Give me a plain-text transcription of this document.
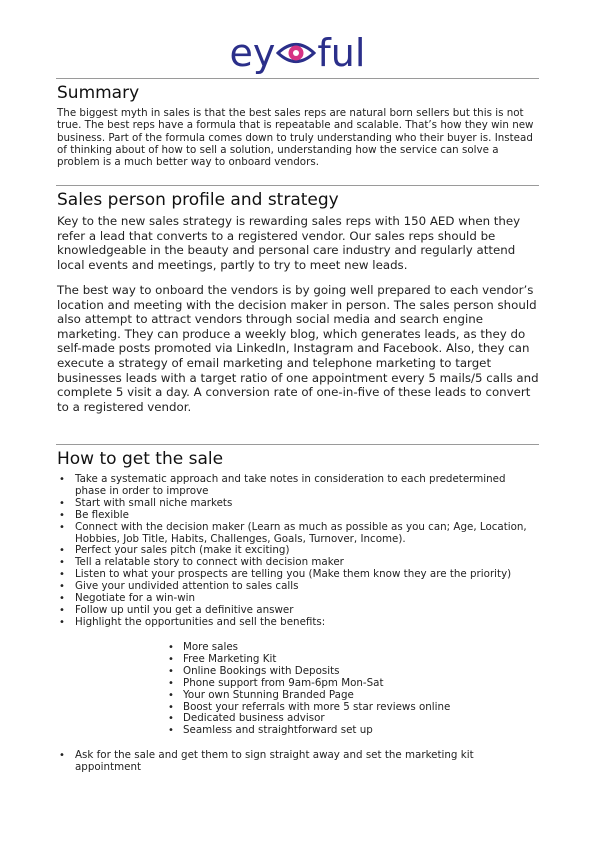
ey ful
Summary

The biggest myth in sales is that the best sales reps are natural born sellers but this is not true. The best reps have a formula that is repeatable and scalable. That’s how they win new business. Part of the formula comes down to truly understanding who their buyer is. Instead of thinking about of how to sell a solution, understanding how the service can solve a problem is a much better way to onboard vendors.

Sales person profile and strategy

Key to the new sales strategy is rewarding sales reps with 150 AED when they refer a lead that converts to a registered vendor. Our sales reps should be knowledgeable in the beauty and personal care industry and regularly attend local events and meetings, partly to try to meet new leads.

The best way to onboard the vendors is by going well prepared to each vendor’s location and meeting with the decision maker in person. The sales person should also attempt to attract vendors through social media and search engine marketing. They can produce a weekly blog, which generates leads, as they do self-made posts promoted via LinkedIn, Instagram and Facebook. Also, they can execute a strategy of email marketing and telephone marketing to target businesses leads with a target ratio of one appointment every 5 mails/5 calls and complete 5 visit a day. A conversion rate of one-in-five of these leads to convert to a registered vendor.

How to get the sale
• Take a systematic approach and take notes in consideration to each predetermined phase in order to improve
• Start with small niche markets
• Be flexible
• Connect with the decision maker (Learn as much as possible as you can; Age, Location, Hobbies, Job Title, Habits, Challenges, Goals, Turnover, Income).
• Perfect your sales pitch (make it exciting)
• Tell a relatable story to connect with decision maker
• Listen to what your prospects are telling you (Make them know they are the priority)
• Give your undivided attention to sales calls
• Negotiate for a win-win
• Follow up until you get a definitive answer
• Highlight the opportunities and sell the benefits:
• More sales
• Free Marketing Kit
• Online Bookings with Deposits
• Phone support from 9am-6pm Mon-Sat
• Your own Stunning Branded Page
• Boost your referrals with more 5 star reviews online
• Dedicated business advisor
• Seamless and straightforward set up
• Ask for the sale and get them to sign straight away and set the marketing kit appointment
